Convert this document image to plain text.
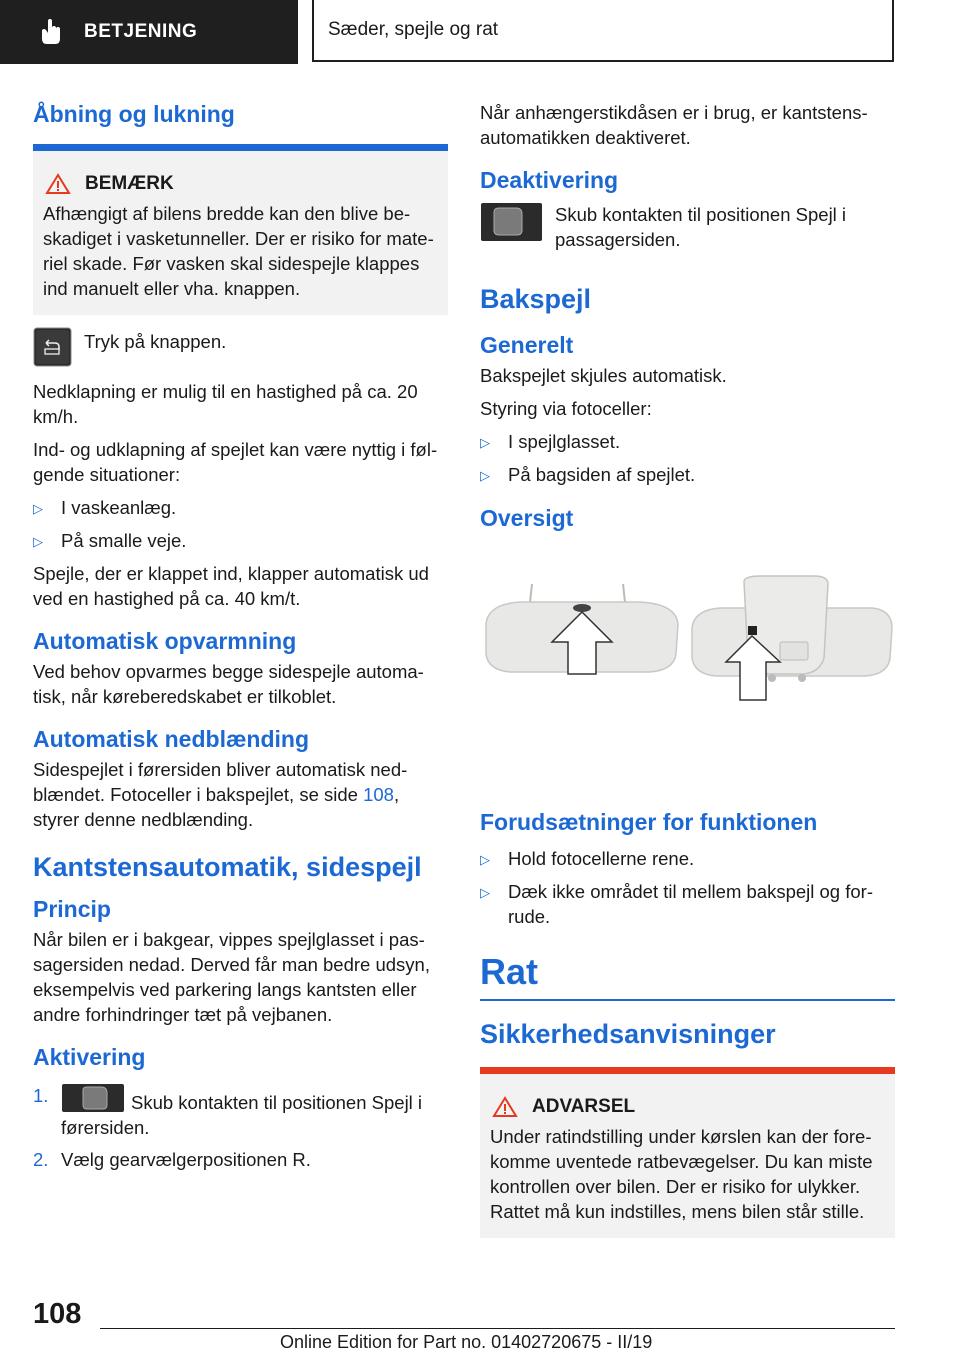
BETJENING	Sæder, spejle og rat
Åbning og lukning
BEMÆRK

Afhængigt af bilens bredde kan den blive beskadiget i vasketunneller. Der er risiko for materiel skade. Før vasken skal sidespejle klappes ind manuelt eller vha. knappen.

Tryk på knappen.

Nedklapning er mulig til en hastighed på ca. 20 km/h.

Ind- og udklapning af spejlet kan være nyttig i følgende situationer:

▷ I vaskeanlæg.
▷ På smalle veje.

Spejle, der er klappet ind, klapper automatisk ud ved en hastighed på ca. 40 km/t.

Automatisk opvarmning

Ved behov opvarmes begge sidespejle automatisk, når køreberedskabet er tilkoblet.

Automatisk nedblænding

Sidespejlet i førersiden bliver automatisk nedblændet. Fotoceller i bakspejlet, se side 108, styrer denne nedblænding.

Kantstensautomatik, sidespejl
Princip

Når bilen er i bakgear, vippes spejlglasset i passagersiden nedad. Derved får man bedre udsyn, eksempelvis ved parkering langs kantsten eller andre forhindringer tæt på vejbanen.

Aktivering
1.	Skub kontakten til positionen Spejl i førersiden.
2. Vælg gearvælgerpositionen R.

Når anhængerstikdåsen er i brug, er kantstensautomatikken deaktiveret.

Deaktivering

Skub kontakten til positionen Spejl i passagersiden.

Bakspejl
Generelt

Bakspejlet skjules automatisk.

Styring via fotoceller:

▷ I spejlglasset.
▷ På bagsiden af spejlet.
Oversigt
Forudsætninger for funktionen
▷ Hold fotocellerne rene.
▷ Dæk ikke området til mellem bakspejl og forrude.
Rat
Sikkerhedsanvisninger
ADVARSEL

Under ratindstilling under kørslen kan der forekomme uventede ratbevægelser. Du kan miste kontrollen over bilen. Der er risiko for ulykker. Rattet må kun indstilles, mens bilen står stille.

108
Online Edition for Part no. 01402720675 - II/19
